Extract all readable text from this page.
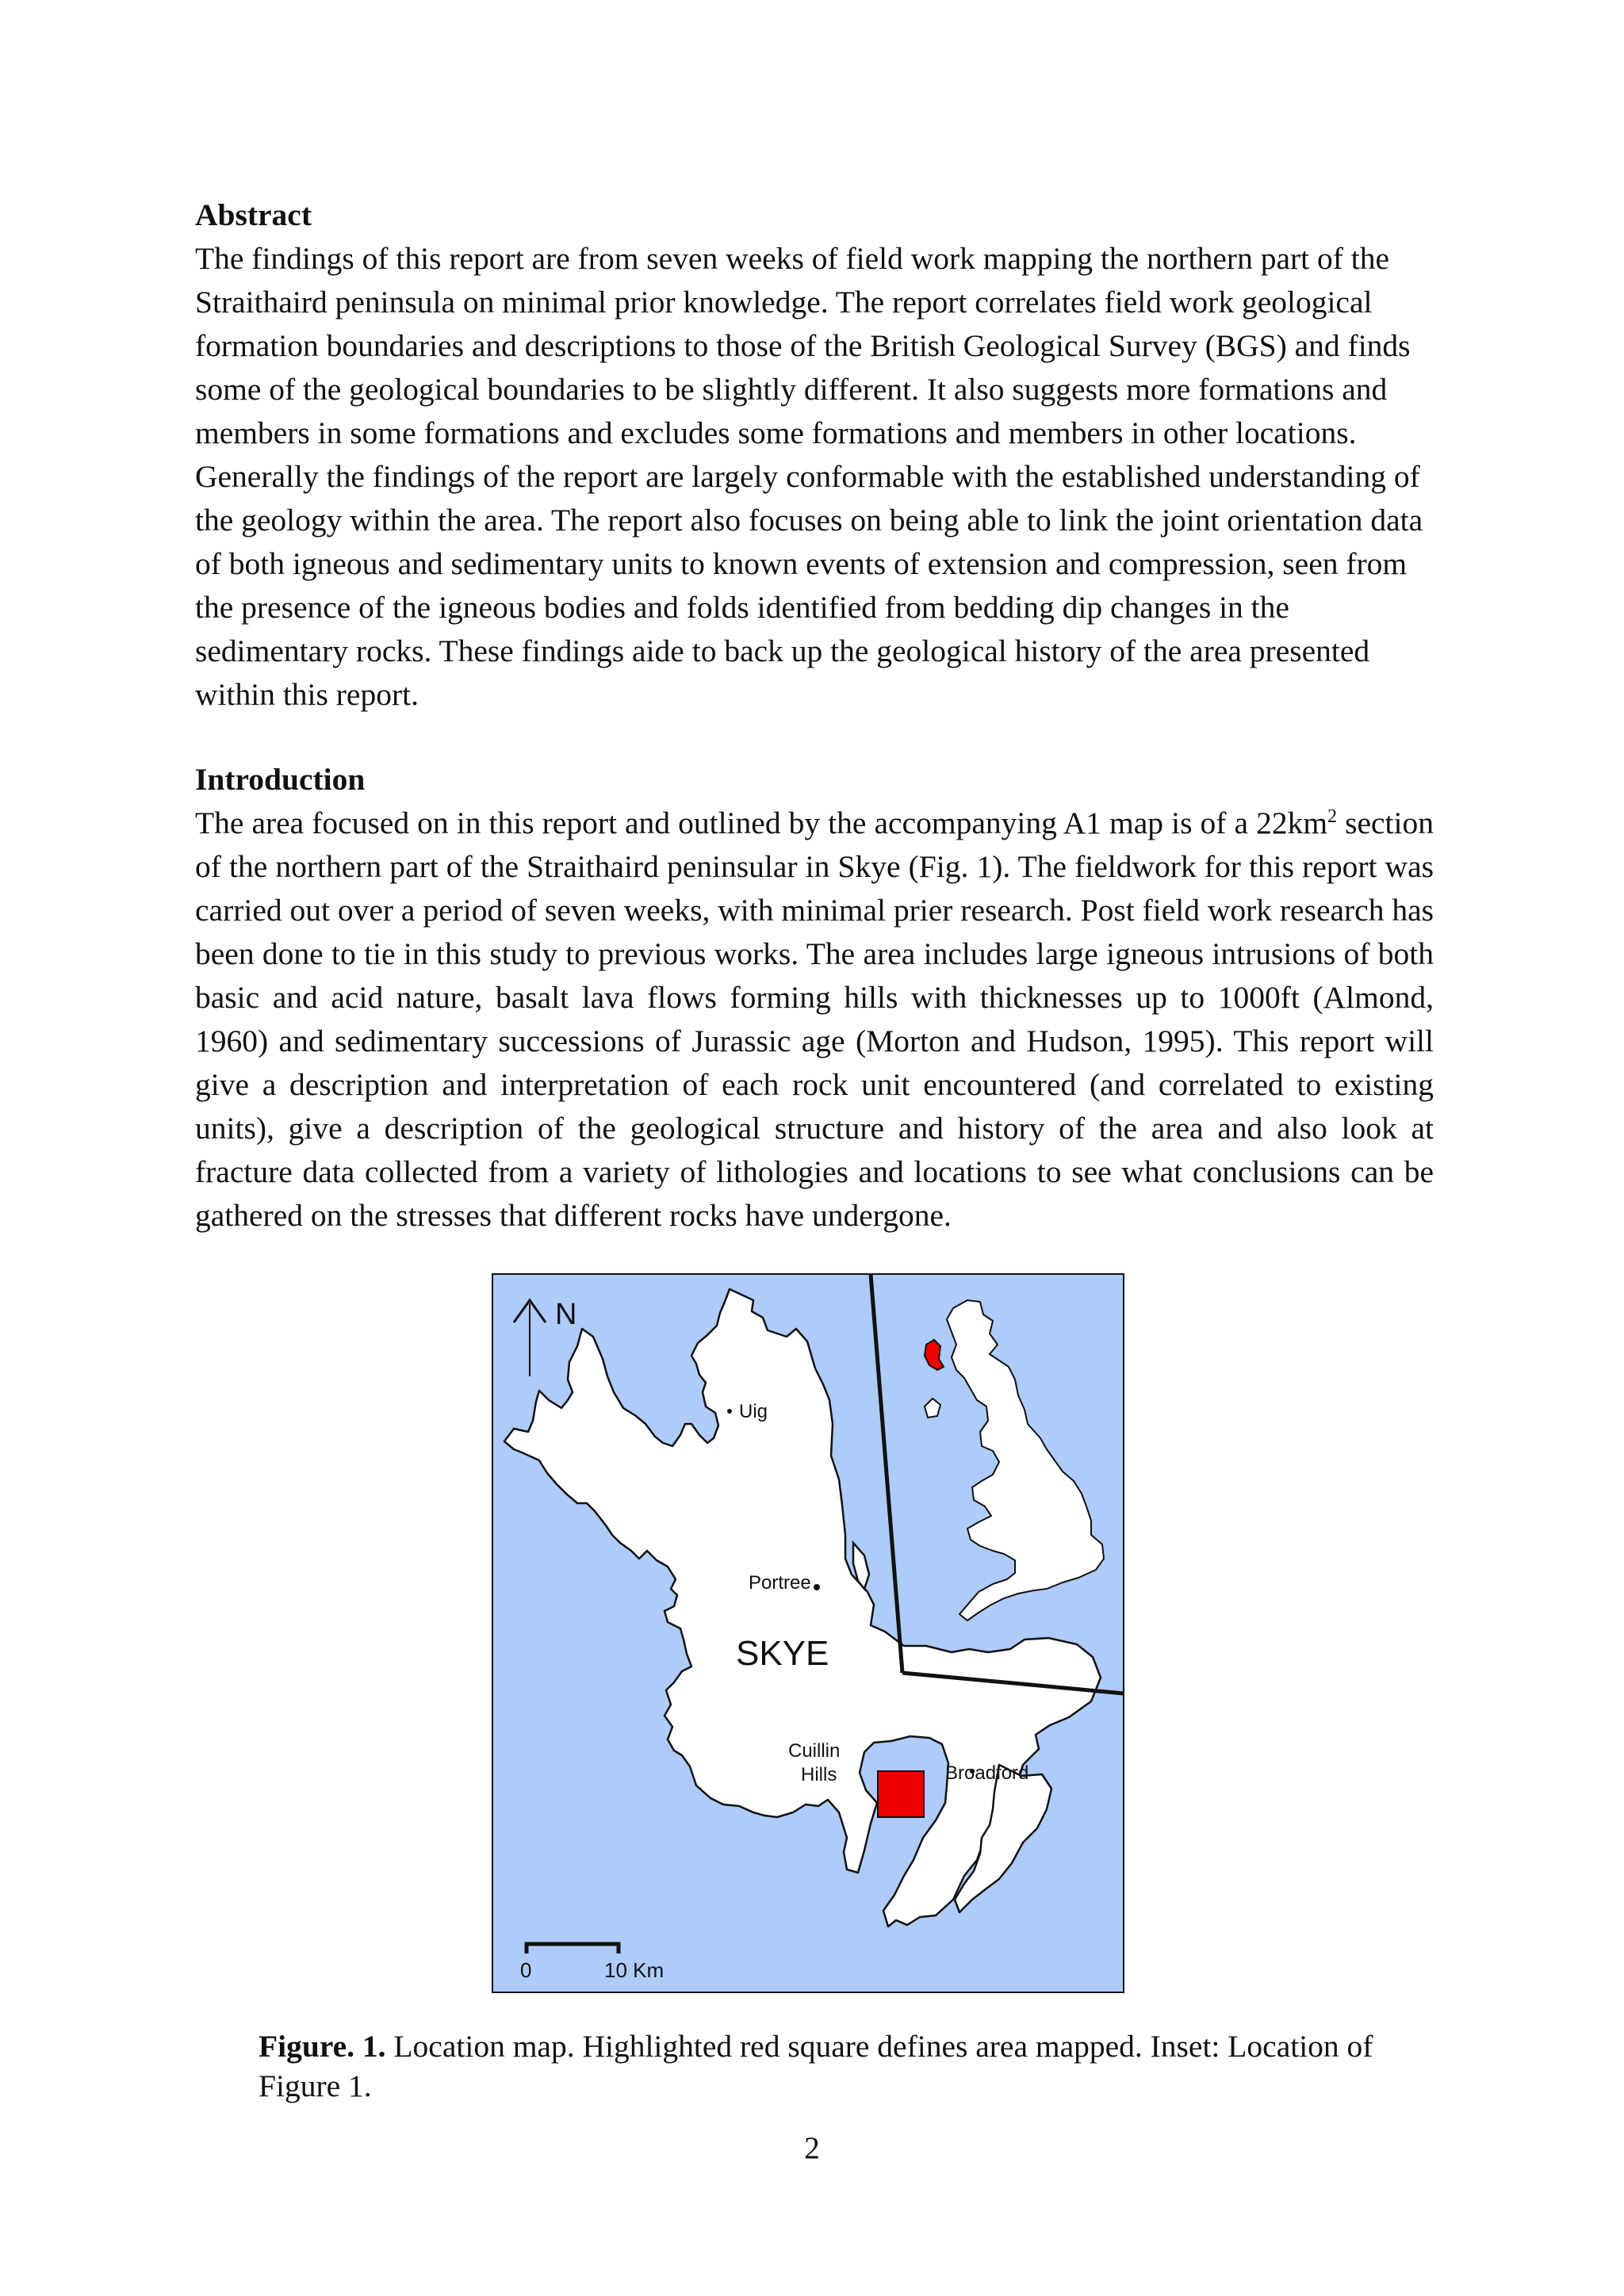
Abstract

The findings of this report are from seven weeks of field work mapping the northern part of the Straithaird peninsula on minimal prior knowledge. The report correlates field work geological formation boundaries and descriptions to those of the British Geological Survey (BGS) and finds some of the geological boundaries to be slightly different. It also suggests more formations and members in some formations and excludes some formations and members in other locations. Generally the findings of the report are largely conformable with the established understanding of the geology within the area. The report also focuses on being able to link the joint orientation data of both igneous and sedimentary units to known events of extension and compression, seen from the presence of the igneous bodies and folds identified from bedding dip changes in the sedimentary rocks. These findings aide to back up the geological history of the area presented within this report.

Introduction

The area focused on in this report and outlined by the accompanying A1 map is of a $22km^2$ section of the northern part of the Straithaird peninsular in Skye (Fig. 1). The fieldwork for this report was carried out over a period of seven weeks, with minimal prier research. Post field work research has been done to tie in this study to previous works. The area includes large igneous intrusions of both basic and acid nature, basalt lava flows forming hills with thicknesses up to 1000ft (Almond, 1960) and sedimentary successions of Jurassic age (Morton and Hudson, 1995). This report will give a description and interpretation of each rock unit encountered (and correlated to existing units), give a description of the geological structure and history of the area and also look at fracture data collected from a variety of lithologies and locations to see what conclusions can be gathered on the stresses that different rocks have undergone.

N
Uig
Portree
SKYE
Cuillin
Hills	Broadford
0	10 Km
Figure. 1. Location map. Highlighted red square defines area mapped. Inset: Location of Figure 1.
2
